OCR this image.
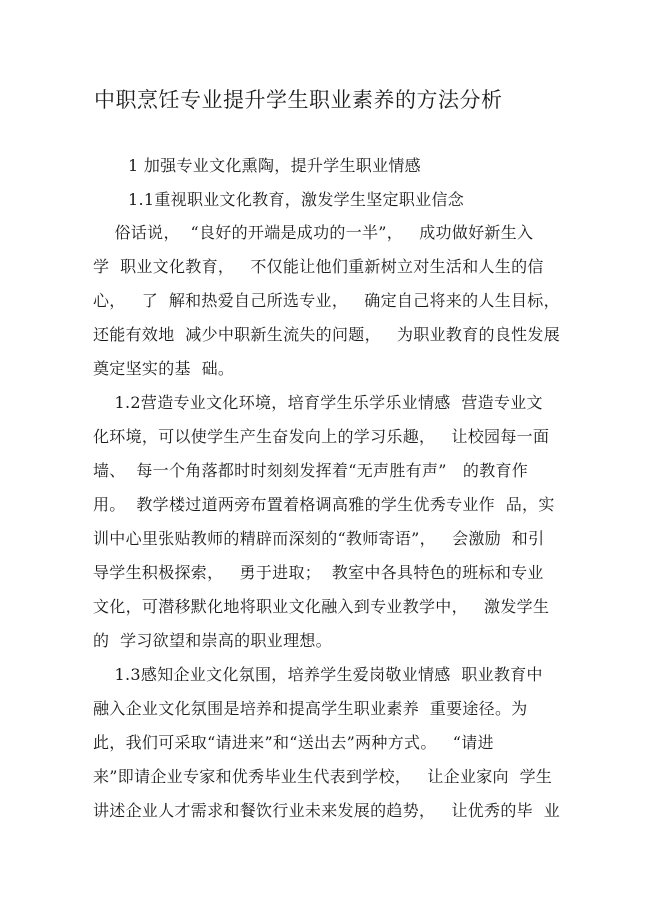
中职烹饪专业提升学生职业素养的方法分析
1 加强专业文化熏陶，提升学生职业情感
1.1重视职业文化教育，激发学生坚定职业信念
俗话说，  “良好的开端是成功的一半”，   成功做好新生入
学  职业文化教育，   不仅能让他们重新树立对生活和人生的信
心，   了  解和热爱自己所选专业，   确定自己将来的人生目标，
还能有效地  减少中职新生流失的问题，   为职业教育的良性发展
奠定坚实的基  础。
1.2营造专业文化环境，培育学生乐学乐业情感  营造专业文
化环境，可以使学生产生奋发向上的学习乐趣，   让校园每一面
墙、  每一个角落都时时刻刻发挥着“无声胜有声”   的教育作
用。  教学楼过道两旁布置着格调高雅的学生优秀专业作  品，实
训中心里张贴教师的精辟而深刻的“教师寄语”，   会激励  和引
导学生积极探索，   勇于进取；  教室中各具特色的班标和专业
文化，可潜移默化地将职业文化融入到专业教学中，   激发学生
的  学习欲望和崇高的职业理想。
1.3感知企业文化氛围，培养学生爱岗敬业情感  职业教育中
融入企业文化氛围是培养和提高学生职业素养  重要途径。为
此，我们可采取“请进来”和“送出去”两种方式。   “请进
来”即请企业专家和优秀毕业生代表到学校，   让企业家向  学生
讲述企业人才需求和餐饮行业未来发展的趋势，   让优秀的毕  业
